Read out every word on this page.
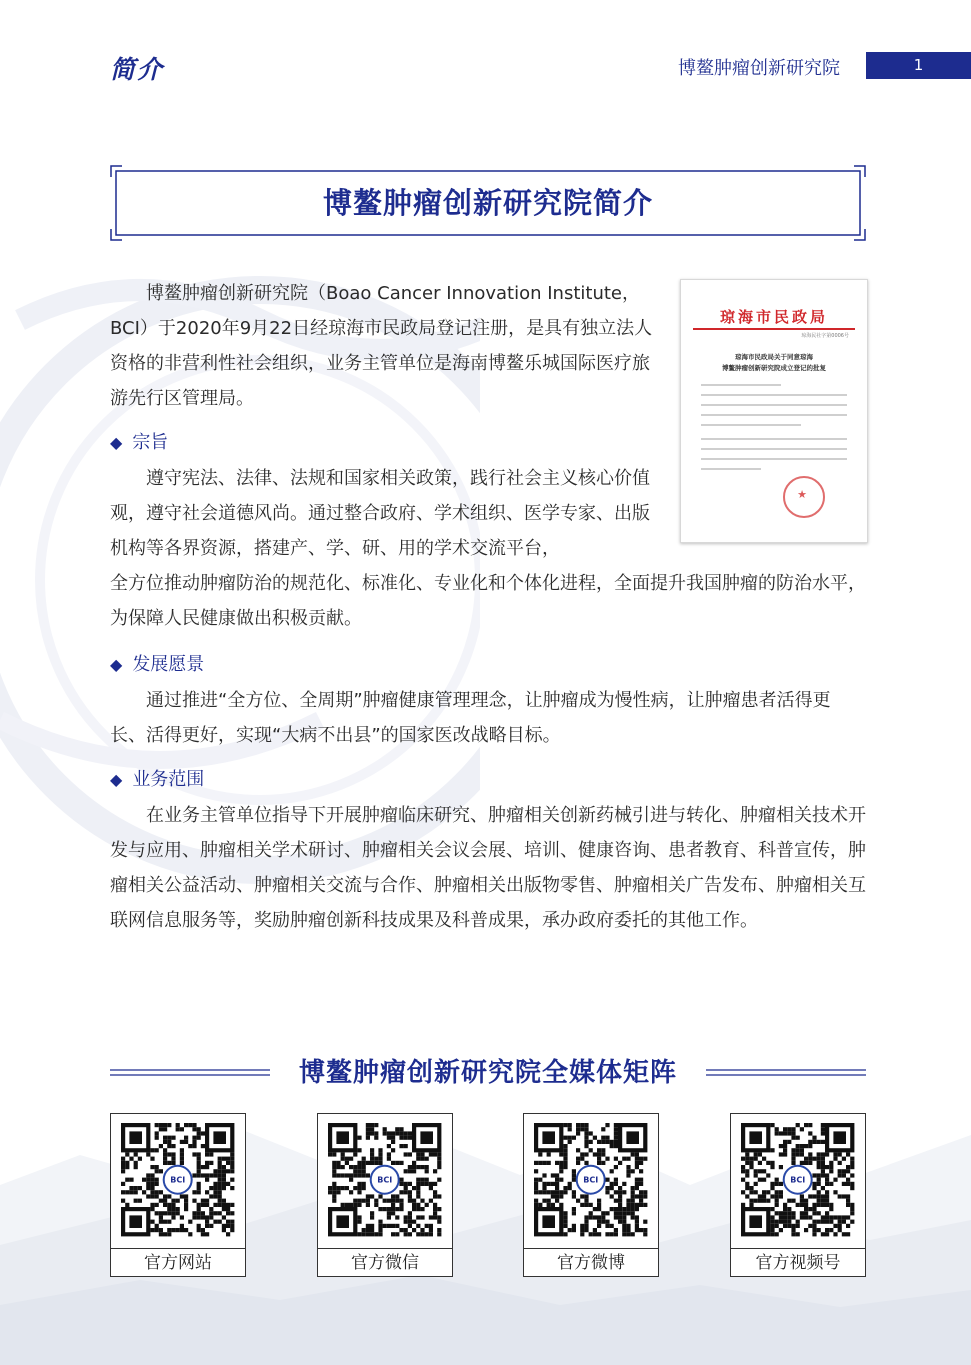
简介	博鳌肿瘤创新研究院	1
博鳌肿瘤创新研究院简介
琼海市民政局
琼海民社字第0006号
琼海市民政局关于同意琼海
博鳌肿瘤创新研究院成立登记的批复
★

博鳌肿瘤创新研究院（Boao Cancer Innovation Institute，BCI）于2020年9月22日经琼海市民政局登记注册，是具有独立法人资格的非营利性社会组织，业务主管单位是海南博鳌乐城国际医疗旅游先行区管理局。

◆ 宗旨

遵守宪法、法律、法规和国家相关政策，践行社会主义核心价值观，遵守社会道德风尚。通过整合政府、学术组织、医学专家、出版机构等各界资源，搭建产、学、研、用的学术交流平台，

全方位推动肿瘤防治的规范化、标准化、专业化和个体化进程，全面提升我国肿瘤的防治水平，为保障人民健康做出积极贡献。

◆ 发展愿景

通过推进“全方位、全周期”肿瘤健康管理理念，让肿瘤成为慢性病，让肿瘤患者活得更长、活得更好，实现“大病不出县”的国家医改战略目标。

◆ 业务范围

在业务主管单位指导下开展肿瘤临床研究、肿瘤相关创新药械引进与转化、肿瘤相关技术开发与应用、肿瘤相关学术研讨、肿瘤相关会议会展、培训、健康咨询、患者教育、科普宣传，肿瘤相关公益活动、肿瘤相关交流与合作、肿瘤相关出版物零售、肿瘤相关广告发布、肿瘤相关互联网信息服务等，奖励肿瘤创新科技成果及科普成果，承办政府委托的其他工作。

博鳌肿瘤创新研究院全媒体矩阵
BCI
官方网站
BCI
官方微信
BCI
官方微博
BCI
官方视频号
